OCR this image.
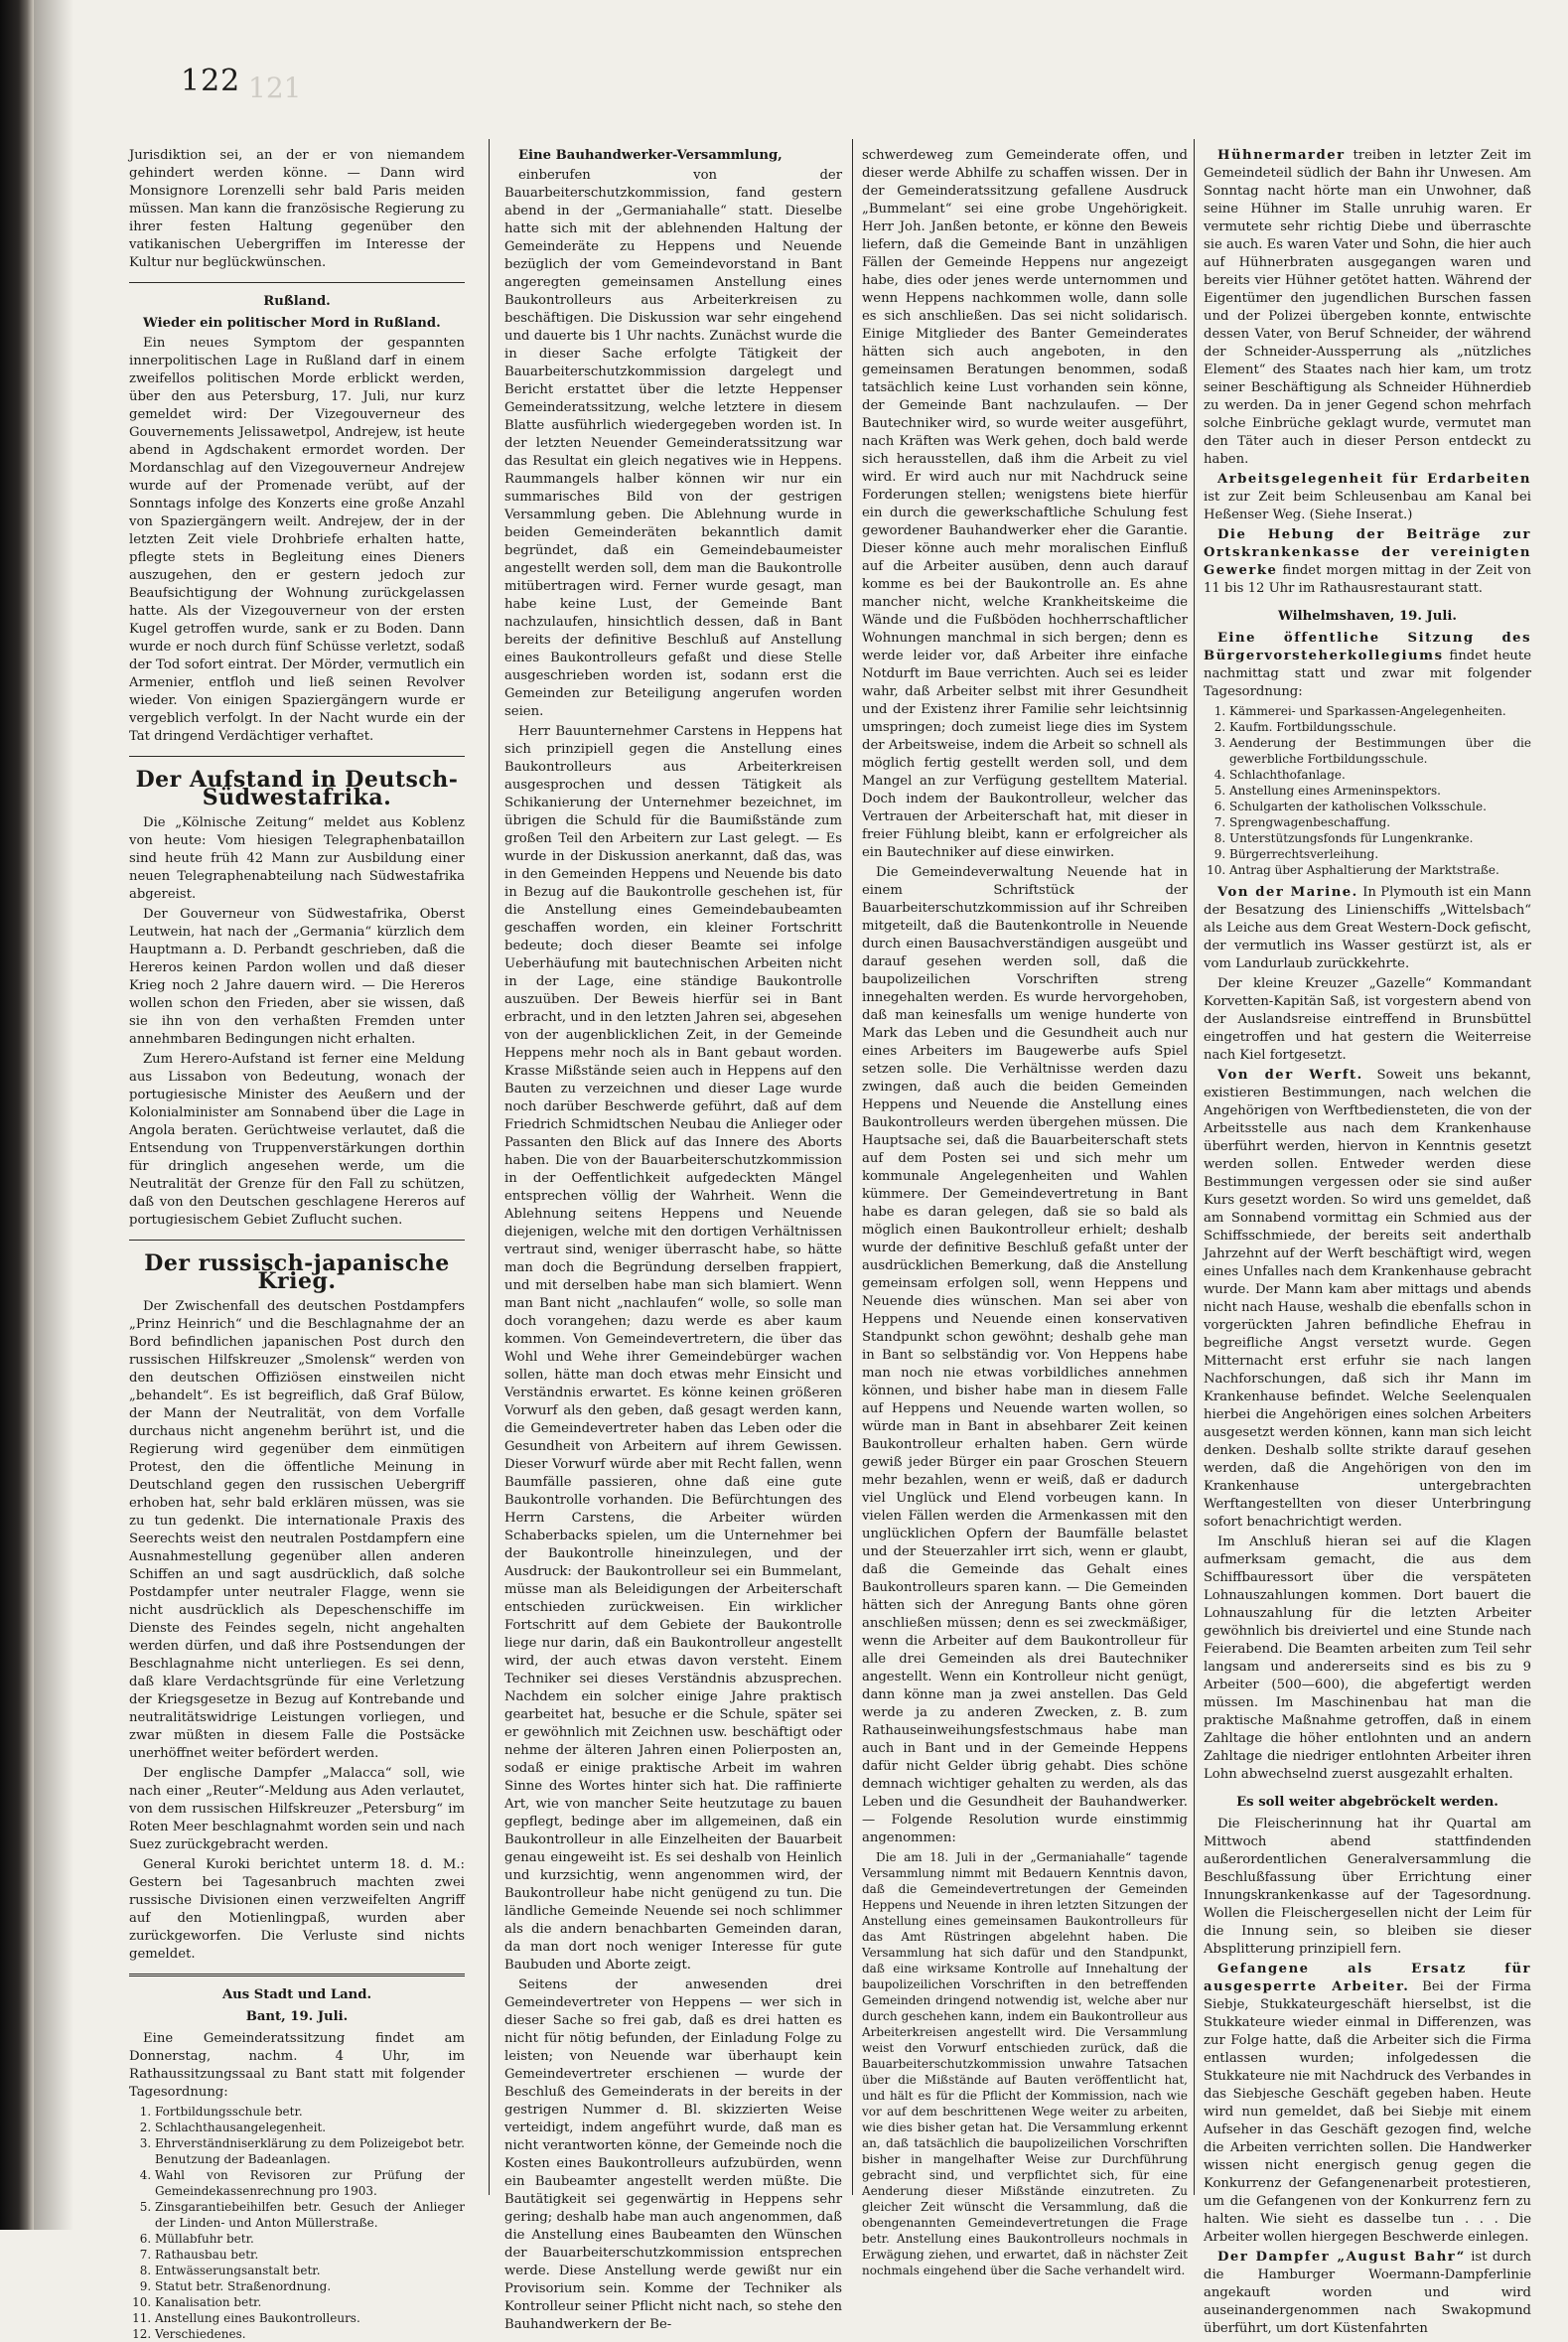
122 121

Jurisdiktion sei, an der er von niemandem gehindert werden könne. — Dann wird Monsignore Lorenzelli sehr bald Paris meiden müssen. Man kann die französische Regierung zu ihrer festen Haltung gegenüber den vatikanischen Uebergriffen im Interesse der Kultur nur beglückwünschen.

Rußland.

Wieder ein politischer Mord in Rußland.

Ein neues Symptom der gespannten innerpolitischen Lage in Rußland darf in einem zweifellos politischen Morde erblickt werden, über den aus Petersburg, 17. Juli, nur kurz gemeldet wird: Der Vizegouverneur des Gouvernements Jelissawetpol, Andrejew, ist heute abend in Agdschakent ermordet worden. Der Mordanschlag auf den Vizegouverneur Andrejew wurde auf der Promenade verübt, auf der Sonntags infolge des Konzerts eine große Anzahl von Spaziergängern weilt. Andrejew, der in der letzten Zeit viele Drohbriefe erhalten hatte, pflegte stets in Begleitung eines Dieners auszugehen, den er gestern jedoch zur Beaufsichtigung der Wohnung zurückgelassen hatte. Als der Vizegouverneur von der ersten Kugel getroffen wurde, sank er zu Boden. Dann wurde er noch durch fünf Schüsse verletzt, sodaß der Tod sofort eintrat. Der Mörder, vermutlich ein Armenier, entfloh und ließ seinen Revolver wieder. Von einigen Spaziergängern wurde er vergeblich verfolgt. In der Nacht wurde ein der Tat dringend Verdächtiger verhaftet.

Der Aufstand in Deutsch-Südwestafrika.

Die „Kölnische Zeitung“ meldet aus Koblenz von heute: Vom hiesigen Telegraphenbataillon sind heute früh 42 Mann zur Ausbildung einer neuen Telegraphenabteilung nach Südwestafrika abgereist.

Der Gouverneur von Südwestafrika, Oberst Leutwein, hat nach der „Germania“ kürzlich dem Hauptmann a. D. Perbandt geschrieben, daß die Hereros keinen Pardon wollen und daß dieser Krieg noch 2 Jahre dauern wird. — Die Hereros wollen schon den Frieden, aber sie wissen, daß sie ihn von den verhaßten Fremden unter annehmbaren Bedingungen nicht erhalten.

Zum Herero-Aufstand ist ferner eine Meldung aus Lissabon von Bedeutung, wonach der portugiesische Minister des Aeußern und der Kolonialminister am Sonnabend über die Lage in Angola beraten. Gerüchtweise verlautet, daß die Entsendung von Truppenverstärkungen dorthin für dringlich angesehen werde, um die Neutralität der Grenze für den Fall zu schützen, daß von den Deutschen geschlagene Hereros auf portugiesischem Gebiet Zuflucht suchen.

Der russisch-japanische Krieg.

Der Zwischenfall des deutschen Postdampfers „Prinz Heinrich“ und die Beschlagnahme der an Bord befindlichen japanischen Post durch den russischen Hilfskreuzer „Smolensk“ werden von den deutschen Offiziösen einstweilen nicht „behandelt“. Es ist begreiflich, daß Graf Bülow, der Mann der Neutralität, von dem Vorfalle durchaus nicht angenehm berührt ist, und die Regierung wird gegenüber dem einmütigen Protest, den die öffentliche Meinung in Deutschland gegen den russischen Uebergriff erhoben hat, sehr bald erklären müssen, was sie zu tun gedenkt. Die internationale Praxis des Seerechts weist den neutralen Postdampfern eine Ausnahmestellung gegenüber allen anderen Schiffen an und sagt ausdrücklich, daß solche Postdampfer unter neutraler Flagge, wenn sie nicht ausdrücklich als Depeschenschiffe im Dienste des Feindes segeln, nicht angehalten werden dürfen, und daß ihre Postsendungen der Beschlagnahme nicht unterliegen. Es sei denn, daß klare Verdachtsgründe für eine Verletzung der Kriegsgesetze in Bezug auf Kontrebande und neutralitätswidrige Leistungen vorliegen, und zwar müßten in diesem Falle die Postsäcke unerhöffnet weiter befördert werden.

Der englische Dampfer „Malacca“ soll, wie nach einer „Reuter“-Meldung aus Aden verlautet, von dem russischen Hilfskreuzer „Petersburg“ im Roten Meer beschlagnahmt worden sein und nach Suez zurückgebracht werden.

General Kuroki berichtet unterm 18. d. M.: Gestern bei Tagesanbruch machten zwei russische Divisionen einen verzweifelten Angriff auf den Motienlingpaß, wurden aber zurückgeworfen. Die Verluste sind nichts gemeldet.

Aus Stadt und Land.
Bant, 19. Juli.

Eine Gemeinderatssitzung findet am Donnerstag, nachm. 4 Uhr, im Rathaussitzungssaal zu Bant statt mit folgender Tagesordnung:

1. Fortbildungsschule betr.
2. Schlachthausangelegenheit.
3. Ehrverständniserklärung zu dem Polizeigebot betr. Benutzung der Badeanlagen.
4. Wahl von Revisoren zur Prüfung der Gemeindekassenrechnung pro 1903.
5. Zinsgarantiebeihilfen betr. Gesuch der Anlieger der Linden- und Anton Müllerstraße.
6. Müllabfuhr betr.
7. Rathausbau betr.
8. Entwässerungsanstalt betr.
9. Statut betr. Straßenordnung.
10. Kanalisation betr.
11. Anstellung eines Baukontrolleurs.
12. Verschiedenes.

Eine Bauhandwerker-Versammlung,

einberufen von der Bauarbeiterschutzkommission, fand gestern abend in der „Germaniahalle“ statt. Dieselbe hatte sich mit der ablehnenden Haltung der Gemeinderäte zu Heppens und Neuende bezüglich der vom Gemeindevorstand in Bant angeregten gemeinsamen Anstellung eines Baukontrolleurs aus Arbeiterkreisen zu beschäftigen. Die Diskussion war sehr eingehend und dauerte bis 1 Uhr nachts. Zunächst wurde die in dieser Sache erfolgte Tätigkeit der Bauarbeiterschutzkommission dargelegt und Bericht erstattet über die letzte Heppenser Gemeinderatssitzung, welche letztere in diesem Blatte ausführlich wiedergegeben worden ist. In der letzten Neuender Gemeinderatssitzung war das Resultat ein gleich negatives wie in Heppens. Raummangels halber können wir nur ein summarisches Bild von der gestrigen Versammlung geben. Die Ablehnung wurde in beiden Gemeinderäten bekanntlich damit begründet, daß ein Gemeindebaumeister angestellt werden soll, dem man die Baukontrolle mitübertragen wird. Ferner wurde gesagt, man habe keine Lust, der Gemeinde Bant nachzulaufen, hinsichtlich dessen, daß in Bant bereits der definitive Beschluß auf Anstellung eines Baukontrolleurs gefaßt und diese Stelle ausgeschrieben worden ist, sodann erst die Gemeinden zur Beteiligung angerufen worden seien.

Herr Bauunternehmer Carstens in Heppens hat sich prinzipiell gegen die Anstellung eines Baukontrolleurs aus Arbeiterkreisen ausgesprochen und dessen Tätigkeit als Schikanierung der Unternehmer bezeichnet, im übrigen die Schuld für die Baumißstände zum großen Teil den Arbeitern zur Last gelegt. — Es wurde in der Diskussion anerkannt, daß das, was in den Gemeinden Heppens und Neuende bis dato in Bezug auf die Baukontrolle geschehen ist, für die Anstellung eines Gemeindebaubeamten geschaffen worden, ein kleiner Fortschritt bedeute; doch dieser Beamte sei infolge Ueberhäufung mit bautechnischen Arbeiten nicht in der Lage, eine ständige Baukontrolle auszuüben. Der Beweis hierfür sei in Bant erbracht, und in den letzten Jahren sei, abgesehen von der augenblicklichen Zeit, in der Gemeinde Heppens mehr noch als in Bant gebaut worden. Krasse Mißstände seien auch in Heppens auf den Bauten zu verzeichnen und dieser Lage wurde noch darüber Beschwerde geführt, daß auf dem Friedrich Schmidtschen Neubau die Anlieger oder Passanten den Blick auf das Innere des Aborts haben. Die von der Bauarbeiterschutzkommission in der Oeffentlichkeit aufgedeckten Mängel entsprechen völlig der Wahrheit. Wenn die Ablehnung seitens Heppens und Neuende diejenigen, welche mit den dortigen Verhältnissen vertraut sind, weniger überrascht habe, so hätte man doch die Begründung derselben frappiert, und mit derselben habe man sich blamiert. Wenn man Bant nicht „nachlaufen“ wolle, so solle man doch vorangehen; dazu werde es aber kaum kommen. Von Gemeindevertretern, die über das Wohl und Wehe ihrer Gemeindebürger wachen sollen, hätte man doch etwas mehr Einsicht und Verständnis erwartet. Es könne keinen größeren Vorwurf als den geben, daß gesagt werden kann, die Gemeindevertreter haben das Leben oder die Gesundheit von Arbeitern auf ihrem Gewissen. Dieser Vorwurf würde aber mit Recht fallen, wenn Baumfälle passieren, ohne daß eine gute Baukontrolle vorhanden. Die Befürchtungen des Herrn Carstens, die Arbeiter würden Schaberbacks spielen, um die Unternehmer bei der Baukontrolle hineinzulegen, und der Ausdruck: der Baukontrolleur sei ein Bummelant, müsse man als Beleidigungen der Arbeiterschaft entschieden zurückweisen. Ein wirklicher Fortschritt auf dem Gebiete der Baukontrolle liege nur darin, daß ein Baukontrolleur angestellt wird, der auch etwas davon versteht. Einem Techniker sei dieses Verständnis abzusprechen. Nachdem ein solcher einige Jahre praktisch gearbeitet hat, besuche er die Schule, später sei er gewöhnlich mit Zeichnen usw. beschäftigt oder nehme der älteren Jahren einen Polierposten an, sodaß er einige praktische Arbeit im wahren Sinne des Wortes hinter sich hat. Die raffinierte Art, wie von mancher Seite heutzutage zu bauen gepflegt, bedinge aber im allgemeinen, daß ein Baukontrolleur in alle Einzelheiten der Bauarbeit genau eingeweiht ist. Es sei deshalb von Heinlich und kurzsichtig, wenn angenommen wird, der Baukontrolleur habe nicht genügend zu tun. Die ländliche Gemeinde Neuende sei noch schlimmer als die andern benachbarten Gemeinden daran, da man dort noch weniger Interesse für gute Baubuden und Aborte zeigt.

Seitens der anwesenden drei Gemeindevertreter von Heppens — wer sich in dieser Sache so frei gab, daß es drei hatten es nicht für nötig befunden, der Einladung Folge zu leisten; von Neuende war überhaupt kein Gemeindevertreter erschienen — wurde der Beschluß des Gemeinderats in der bereits in der gestrigen Nummer d. Bl. skizzierten Weise verteidigt, indem angeführt wurde, daß man es nicht verantworten könne, der Gemeinde noch die Kosten eines Baukontrolleurs aufzubürden, wenn ein Baubeamter angestellt werden müßte. Die Bautätigkeit sei gegenwärtig in Heppens sehr gering; deshalb habe man auch angenommen, daß die Anstellung eines Baubeamten den Wünschen der Bauarbeiterschutzkommission entsprechen werde. Diese Anstellung werde gewißt nur ein Provisorium sein. Komme der Techniker als Kontrolleur seiner Pflicht nicht nach, so stehe den Bauhandwerkern der Be-

schwerdeweg zum Gemeinderate offen, und dieser werde Abhilfe zu schaffen wissen. Der in der Gemeinderatssitzung gefallene Ausdruck „Bummelant“ sei eine grobe Ungehörigkeit. Herr Joh. Janßen betonte, er könne den Beweis liefern, daß die Gemeinde Bant in unzähligen Fällen der Gemeinde Heppens nur angezeigt habe, dies oder jenes werde unternommen und wenn Heppens nachkommen wolle, dann solle es sich anschließen. Das sei nicht solidarisch. Einige Mitglieder des Banter Gemeinderates hätten sich auch angeboten, in den gemeinsamen Beratungen benommen, sodaß tatsächlich keine Lust vorhanden sein könne, der Gemeinde Bant nachzulaufen. — Der Bautechniker wird, so wurde weiter ausgeführt, nach Kräften was Werk gehen, doch bald werde sich herausstellen, daß ihm die Arbeit zu viel wird. Er wird auch nur mit Nachdruck seine Forderungen stellen; wenigstens biete hierfür ein durch die gewerkschaftliche Schulung fest gewordener Bauhandwerker eher die Garantie. Dieser könne auch mehr moralischen Einfluß auf die Arbeiter ausüben, denn auch darauf komme es bei der Baukontrolle an. Es ahne mancher nicht, welche Krankheitskeime die Wände und die Fußböden hochherrschaftlicher Wohnungen manchmal in sich bergen; denn es werde leider vor, daß Arbeiter ihre einfache Notdurft im Baue verrichten. Auch sei es leider wahr, daß Arbeiter selbst mit ihrer Gesundheit und der Existenz ihrer Familie sehr leichtsinnig umspringen; doch zumeist liege dies im System der Arbeitsweise, indem die Arbeit so schnell als möglich fertig gestellt werden soll, und dem Mangel an zur Verfügung gestelltem Material. Doch indem der Baukontrolleur, welcher das Vertrauen der Arbeiterschaft hat, mit dieser in freier Fühlung bleibt, kann er erfolgreicher als ein Bautechniker auf diese einwirken.

Die Gemeindeverwaltung Neuende hat in einem Schriftstück der Bauarbeiterschutzkommission auf ihr Schreiben mitgeteilt, daß die Bautenkontrolle in Neuende durch einen Bausachverständigen ausgeübt und darauf gesehen werden soll, daß die baupolizeilichen Vorschriften streng innegehalten werden. Es wurde hervorgehoben, daß man keinesfalls um wenige hunderte von Mark das Leben und die Gesundheit auch nur eines Arbeiters im Baugewerbe aufs Spiel setzen solle. Die Verhältnisse werden dazu zwingen, daß auch die beiden Gemeinden Heppens und Neuende die Anstellung eines Baukontrolleurs werden übergehen müssen. Die Hauptsache sei, daß die Bauarbeiterschaft stets auf dem Posten sei und sich mehr um kommunale Angelegenheiten und Wahlen kümmere. Der Gemeindevertretung in Bant habe es daran gelegen, daß sie so bald als möglich einen Baukontrolleur erhielt; deshalb wurde der definitive Beschluß gefaßt unter der ausdrücklichen Bemerkung, daß die Anstellung gemeinsam erfolgen soll, wenn Heppens und Neuende dies wünschen. Man sei aber von Heppens und Neuende einen konservativen Standpunkt schon gewöhnt; deshalb gehe man in Bant so selbständig vor. Von Heppens habe man noch nie etwas vorbildliches annehmen können, und bisher habe man in diesem Falle auf Heppens und Neuende warten wollen, so würde man in Bant in absehbarer Zeit keinen Baukontrolleur erhalten haben. Gern würde gewiß jeder Bürger ein paar Groschen Steuern mehr bezahlen, wenn er weiß, daß er dadurch viel Unglück und Elend vorbeugen kann. In vielen Fällen werden die Armenkassen mit den unglücklichen Opfern der Baumfälle belastet und der Steuerzahler irrt sich, wenn er glaubt, daß die Gemeinde das Gehalt eines Baukontrolleurs sparen kann. — Die Gemeinden hätten sich der Anregung Bants ohne gören anschließen müssen; denn es sei zweckmäßiger, wenn die Arbeiter auf dem Baukontrolleur für alle drei Gemeinden als drei Bautechniker angestellt. Wenn ein Kontrolleur nicht genügt, dann könne man ja zwei anstellen. Das Geld werde ja zu anderen Zwecken, z. B. zum Rathauseinweihungsfestschmaus habe man auch in Bant und in der Gemeinde Heppens dafür nicht Gelder übrig gehabt. Dies schöne demnach wichtiger gehalten zu werden, als das Leben und die Gesundheit der Bauhandwerker. — Folgende Resolution wurde einstimmig angenommen:

Die am 18. Juli in der „Germaniahalle“ tagende Versammlung nimmt mit Bedauern Kenntnis davon, daß die Gemeindevertretungen der Gemeinden Heppens und Neuende in ihren letzten Sitzungen der Anstellung eines gemeinsamen Baukontrolleurs für das Amt Rüstringen abgelehnt haben. Die Versammlung hat sich dafür und den Standpunkt, daß eine wirksame Kontrolle auf Innehaltung der baupolizeilichen Vorschriften in den betreffenden Gemeinden dringend notwendig ist, welche aber nur durch geschehen kann, indem ein Baukontrolleur aus Arbeiterkreisen angestellt wird. Die Versammlung weist den Vorwurf entschieden zurück, daß die Bauarbeiterschutzkommission unwahre Tatsachen über die Mißstände auf Bauten veröffentlicht hat, und hält es für die Pflicht der Kommission, nach wie vor auf dem beschrittenen Wege weiter zu arbeiten, wie dies bisher getan hat. Die Versammlung erkennt an, daß tatsächlich die baupolizeilichen Vorschriften bisher in mangelhafter Weise zur Durchführung gebracht sind, und verpflichtet sich, für eine Aenderung dieser Mißstände einzutreten. Zu gleicher Zeit wünscht die Versammlung, daß die obengenannten Gemeindevertretungen die Frage betr. Anstellung eines Baukontrolleurs nochmals in Erwägung ziehen, und erwartet, daß in nächster Zeit nochmals eingehend über die Sache verhandelt wird.

Hühnermarder treiben in letzter Zeit im Gemeindeteil südlich der Bahn ihr Unwesen. Am Sonntag nacht hörte man ein Unwohner, daß seine Hühner im Stalle unruhig waren. Er vermutete sehr richtig Diebe und überraschte sie auch. Es waren Vater und Sohn, die hier auch auf Hühnerbraten ausgegangen waren und bereits vier Hühner getötet hatten. Während der Eigentümer den jugendlichen Burschen fassen und der Polizei übergeben konnte, entwischte dessen Vater, von Beruf Schneider, der während der Schneider-Aussperrung als „nützliches Element“ des Staates nach hier kam, um trotz seiner Beschäftigung als Schneider Hühnerdieb zu werden. Da in jener Gegend schon mehrfach solche Einbrüche geklagt wurde, vermutet man den Täter auch in dieser Person entdeckt zu haben.

Arbeitsgelegenheit für Erdarbeiten ist zur Zeit beim Schleusenbau am Kanal bei Heßenser Weg. (Siehe Inserat.)

Die Hebung der Beiträge zur Ortskrankenkasse der vereinigten Gewerke findet morgen mittag in der Zeit von 11 bis 12 Uhr im Rathausrestaurant statt.

Wilhelmshaven, 19. Juli.

Eine öffentliche Sitzung des Bürgervorsteherkollegiums findet heute nachmittag statt und zwar mit folgender Tagesordnung:

1. Kämmerei- und Sparkassen-Angelegenheiten.
2. Kaufm. Fortbildungsschule.
3. Aenderung der Bestimmungen über die gewerbliche Fortbildungsschule.
4. Schlachthofanlage.
5. Anstellung eines Armeninspektors.
6. Schulgarten der katholischen Volksschule.
7. Sprengwagenbeschaffung.
8. Unterstützungsfonds für Lungenkranke.
9. Bürgerrechtsverleihung.
10. Antrag über Asphaltierung der Marktstraße.

Von der Marine. In Plymouth ist ein Mann der Besatzung des Linienschiffs „Wittelsbach“ als Leiche aus dem Great Western-Dock gefischt, der vermutlich ins Wasser gestürzt ist, als er vom Landurlaub zurückkehrte.

Der kleine Kreuzer „Gazelle“ Kommandant Korvetten-Kapitän Saß, ist vorgestern abend von der Auslandsreise eintreffend in Brunsbüttel eingetroffen und hat gestern die Weiterreise nach Kiel fortgesetzt.

Von der Werft. Soweit uns bekannt, existieren Bestimmungen, nach welchen die Angehörigen von Werftbediensteten, die von der Arbeitsstelle aus nach dem Krankenhause überführt werden, hiervon in Kenntnis gesetzt werden sollen. Entweder werden diese Bestimmungen vergessen oder sie sind außer Kurs gesetzt worden. So wird uns gemeldet, daß am Sonnabend vormittag ein Schmied aus der Schiffsschmiede, der bereits seit anderthalb Jahrzehnt auf der Werft beschäftigt wird, wegen eines Unfalles nach dem Krankenhause gebracht wurde. Der Mann kam aber mittags und abends nicht nach Hause, weshalb die ebenfalls schon in vorgerückten Jahren befindliche Ehefrau in begreifliche Angst versetzt wurde. Gegen Mitternacht erst erfuhr sie nach langen Nachforschungen, daß sich ihr Mann im Krankenhause befindet. Welche Seelenqualen hierbei die Angehörigen eines solchen Arbeiters ausgesetzt werden können, kann man sich leicht denken. Deshalb sollte strikte darauf gesehen werden, daß die Angehörigen von den im Krankenhause untergebrachten Werftangestellten von dieser Unterbringung sofort benachrichtigt werden.

Im Anschluß hieran sei auf die Klagen aufmerksam gemacht, die aus dem Schiffbauressort über die verspäteten Lohnauszahlungen kommen. Dort bauert die Lohnauszahlung für die letzten Arbeiter gewöhnlich bis dreiviertel und eine Stunde nach Feierabend. Die Beamten arbeiten zum Teil sehr langsam und andererseits sind es bis zu 9 Arbeiter (500—600), die abgefertigt werden müssen. Im Maschinenbau hat man die praktische Maßnahme getroffen, daß in einem Zahltage die höher entlohnten und an andern Zahltage die niedriger entlohnten Arbeiter ihren Lohn abwechselnd zuerst ausgezahlt erhalten.

Es soll weiter abgebröckelt werden.

Die Fleischerinnung hat ihr Quartal am Mittwoch abend stattfindenden außerordentlichen Generalversammlung die Beschlußfassung über Errichtung einer Innungskrankenkasse auf der Tagesordnung. Wollen die Fleischergesellen nicht der Leim für die Innung sein, so bleiben sie dieser Absplitterung prinzipiell fern.

Gefangene als Ersatz für ausgesperrte Arbeiter. Bei der Firma Siebje, Stukkateurgeschäft hierselbst, ist die Stukkateure wieder einmal in Differenzen, was zur Folge hatte, daß die Arbeiter sich die Firma entlassen wurden; infolgedessen die Stukkateure nie mit Nachdruck des Verbandes in das Siebjesche Geschäft gegeben haben. Heute wird nun gemeldet, daß bei Siebje mit einem Aufseher in das Geschäft gezogen find, welche die Arbeiten verrichten sollen. Die Handwerker wissen nicht energisch genug gegen die Konkurrenz der Gefangenenarbeit protestieren, um die Gefangenen von der Konkurrenz fern zu halten. Wie sieht es dasselbe tun . . . Die Arbeiter wollen hiergegen Beschwerde einlegen.

Der Dampfer „August Bahr“ ist durch die Hamburger Woermann-Dampferlinie angekauft worden und wird auseinandergenommen nach Swakopmund überführt, um dort Küstenfahrten
